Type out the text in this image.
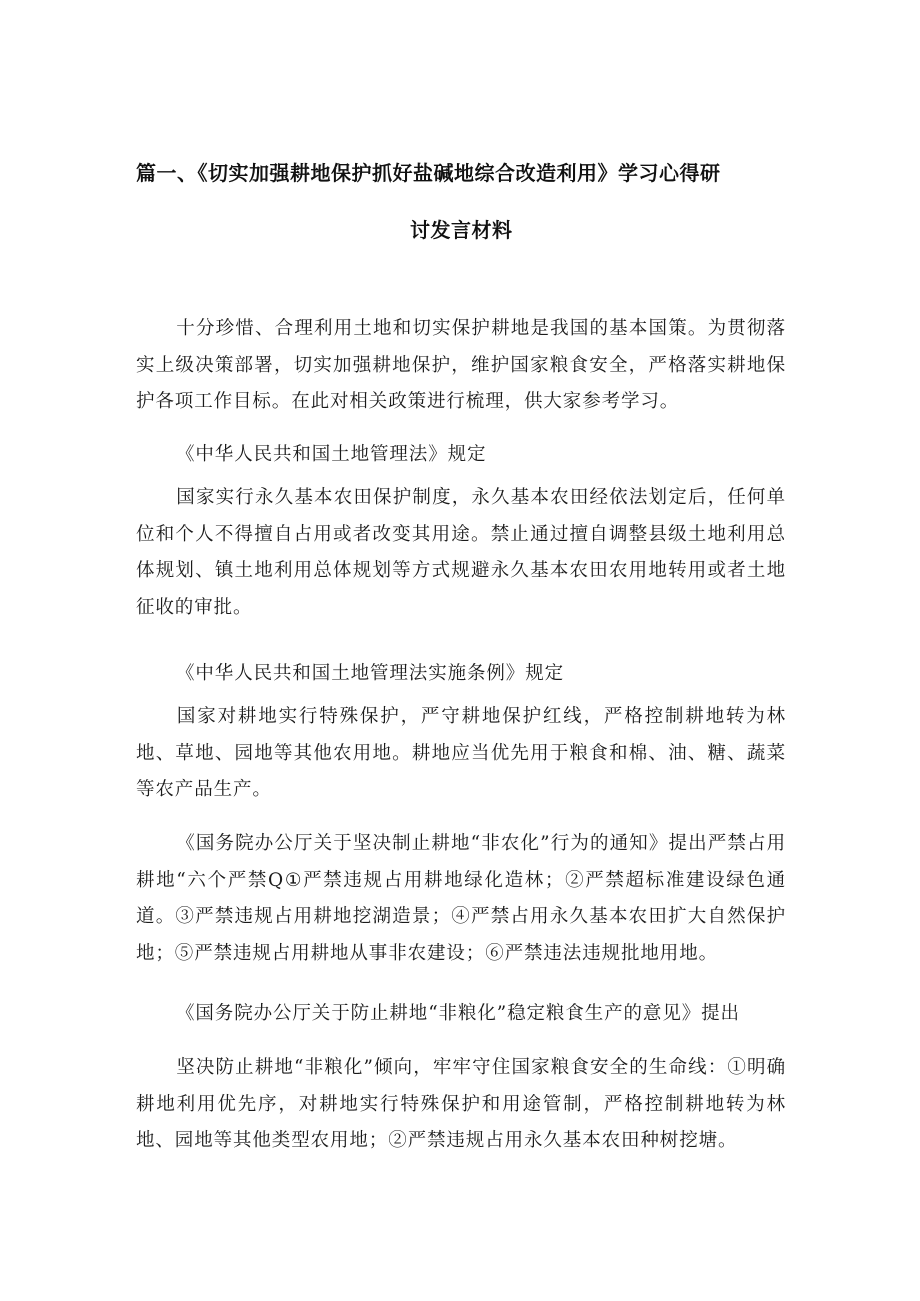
篇一、《切实加强耕地保护抓好盐碱地综合改造利用》学习心得研
讨发言材料
十分珍惜、合理利用土地和切实保护耕地是我国的基本国策。为贯彻落实上级决策部署，切实加强耕地保护，维护国家粮食安全，严格落实耕地保护各项工作目标。在此对相关政策进行梳理，供大家参考学习。
《中华人民共和国土地管理法》规定
国家实行永久基本农田保护制度，永久基本农田经依法划定后，任何单位和个人不得擅自占用或者改变其用途。禁止通过擅自调整县级土地利用总体规划、镇土地利用总体规划等方式规避永久基本农田农用地转用或者土地征收的审批。
《中华人民共和国土地管理法实施条例》规定
国家对耕地实行特殊保护，严守耕地保护红线，严格控制耕地转为林地、草地、园地等其他农用地。耕地应当优先用于粮食和棉、油、糖、蔬菜等农产品生产。
《国务院办公厅关于坚决制止耕地“非农化”行为的通知》提出严禁占用耕地“六个严禁Q①严禁违规占用耕地绿化造林；②严禁超标准建设绿色通道。③严禁违规占用耕地挖湖造景；④严禁占用永久基本农田扩大自然保护地；⑤严禁违规占用耕地从事非农建设；⑥严禁违法违规批地用地。
《国务院办公厅关于防止耕地“非粮化”稳定粮食生产的意见》提出
坚决防止耕地“非粮化”倾向，牢牢守住国家粮食安全的生命线：①明确耕地利用优先序，对耕地实行特殊保护和用途管制，严格控制耕地转为林地、园地等其他类型农用地；②严禁违规占用永久基本农田种树挖塘。
